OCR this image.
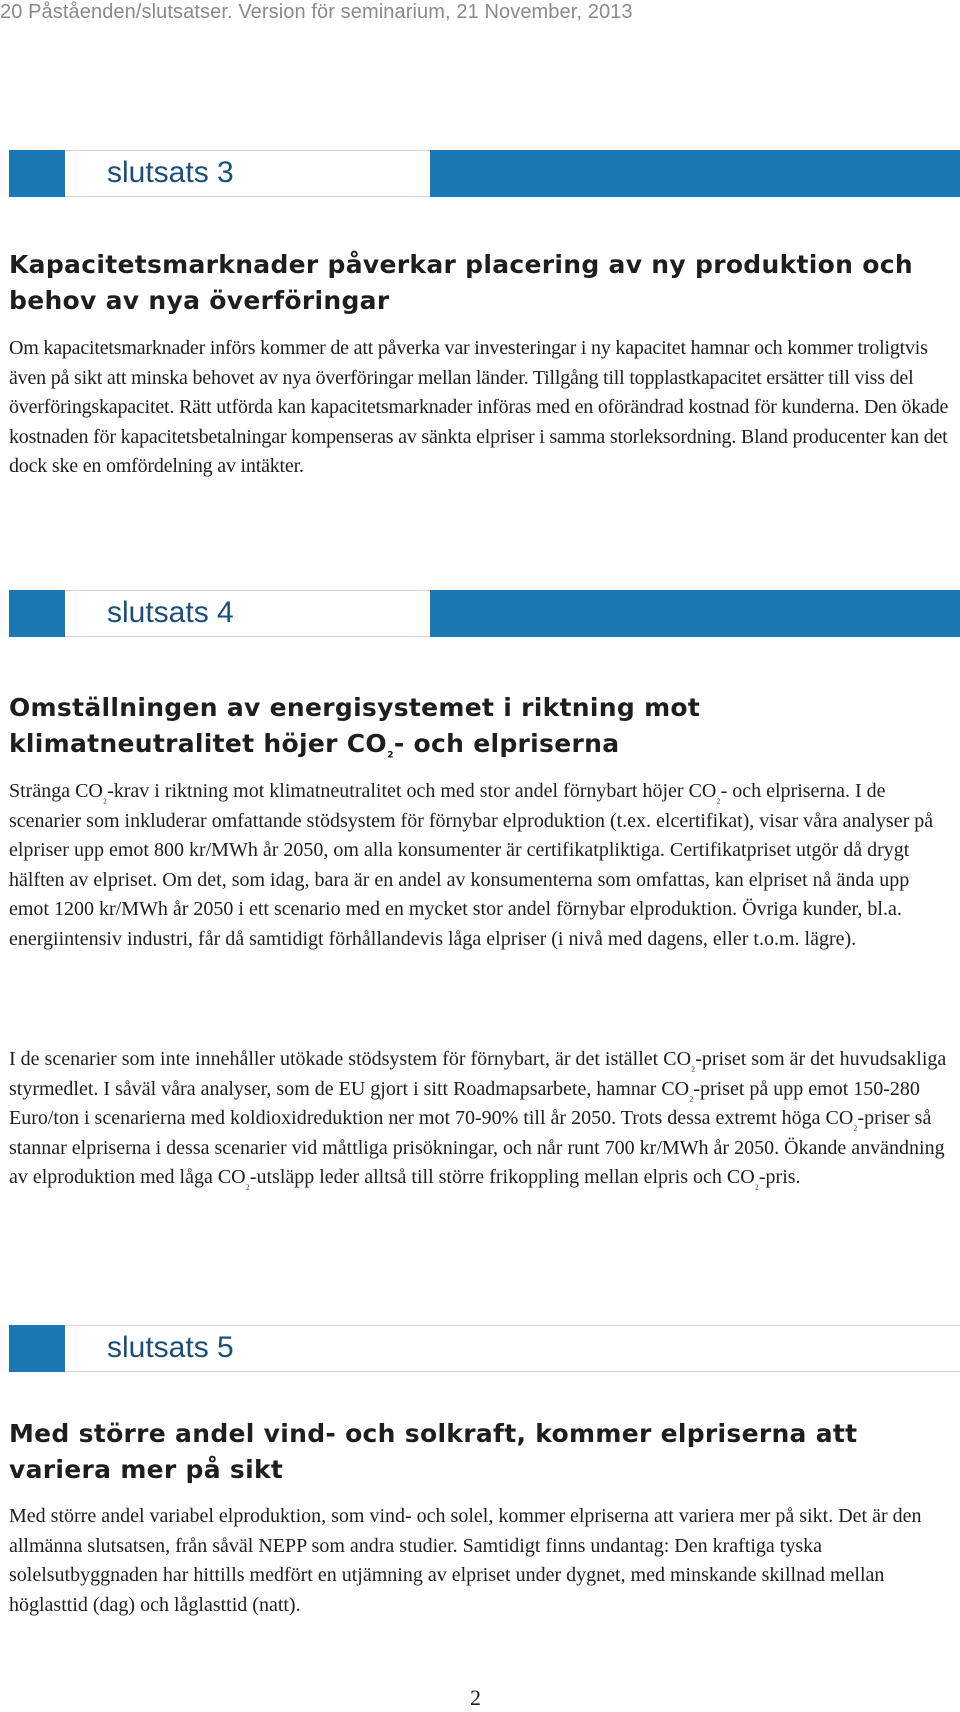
20 Påståenden/slutsatser. Version för seminarium, 21 November, 2013
slutsats 3
Kapacitetsmarknader påverkar placering av ny produktion och behov av nya överföringar
Om kapacitetsmarknader införs kommer de att påverka var investeringar i ny kapacitet hamnar och kommer troligtvis även på sikt att minska behovet av nya överföringar mellan länder. Tillgång till topplastkapacitet ersätter till viss del överföringskapacitet. Rätt utförda kan kapacitetsmarknader införas med en oförändrad kostnad för kunderna. Den ökade kostnaden för kapacitetsbetalningar kompenseras av sänkta elpriser i samma storleksordning. Bland producenter kan det dock ske en omfördelning av intäkter.
slutsats 4
Omställningen av energisystemet i riktning mot klimatneutralitet höjer $CO_{_2}-$ och elpriserna
Stränga $CO_{_2}$-krav i riktning mot klimatneutralitet och med stor andel förnybart höjer $CO_{_2}-$ och elpriserna. I de scenarier som inkluderar omfattande stödsystem för förnybar elproduktion (t.ex. elcertifikat), visar våra analyser på elpriser upp emot 800 kr/MWh år 2050, om alla konsumenter är certifikatpliktiga. Certifikatpriset utgör då drygt hälften av elpriset. Om det, som idag, bara är en andel av konsumenterna som omfattas, kan elpriset nå ända upp emot 1200 kr/MWh år 2050 i ett scenario med en mycket stor andel förnybar elproduktion. Övriga kunder, bl.a. energiintensiv industri, får då samtidigt förhållandevis låga elpriser (i nivå med dagens, eller t.o.m. lägre).
I de scenarier som inte innehåller utökade stödsystem för förnybart, är det istället $CO_{_2}$-priset som är det huvudsakliga styrmedlet. I såväl våra analyser, som de EU gjort i sitt Roadmapsarbete, hamnar $CO_{_2}$-priset på upp emot 150-280 Euro/ton i scenarierna med koldioxidreduktion ner mot 70-90% till år 2050. Trots dessa extremt höga $CO_{_2}$-priser så stannar elpriserna i dessa scenarier vid måttliga prisökningar, och når runt 700 kr/MWh år 2050. Ökande användning av elproduktion med låga $CO_{_2}$-utsläpp leder alltså till större frikoppling mellan elpris och $CO_{_2}$-pris.
slutsats 5
Med större andel vind- och solkraft, kommer elpriserna att variera mer på sikt
Med större andel variabel elproduktion, som vind- och solel, kommer elpriserna att variera mer på sikt. Det är den allmänna slutsatsen, från såväl NEPP som andra studier. Samtidigt finns undantag: Den kraftiga tyska solelsutbyggnaden har hittills medfört en utjämning av elpriset under dygnet, med minskande skillnad mellan höglasttid (dag) och låglasttid (natt).
2
